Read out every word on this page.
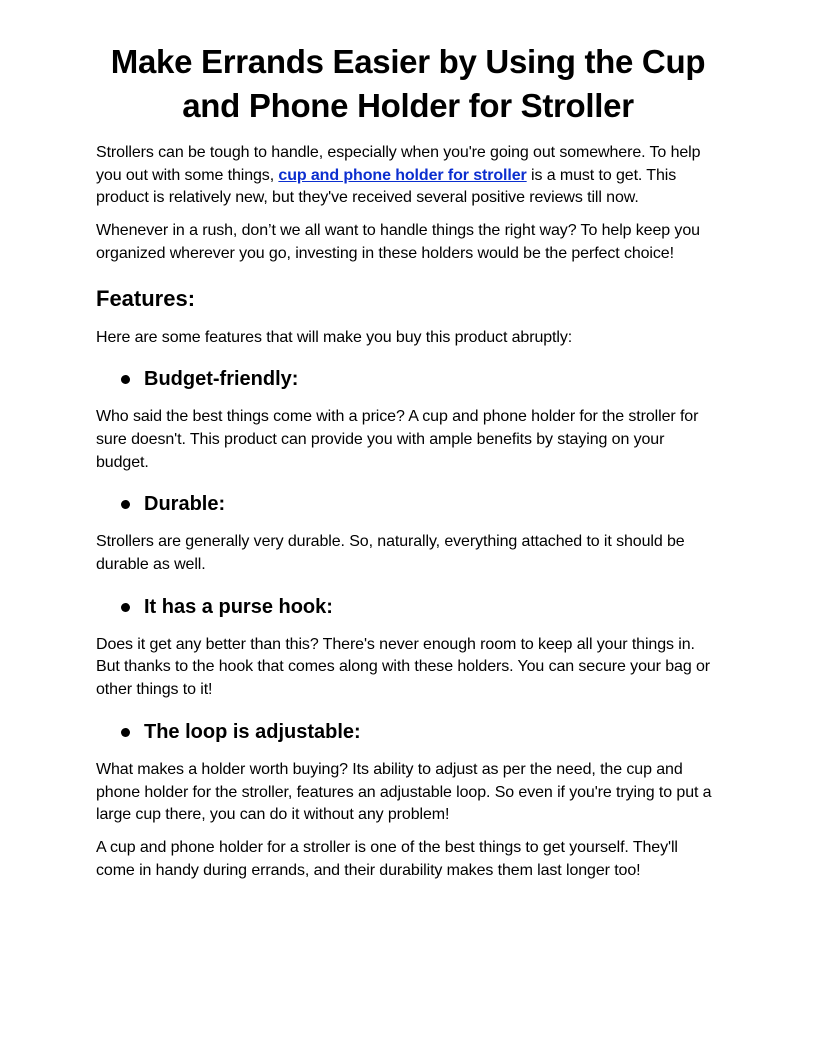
Make Errands Easier by Using the Cup and Phone Holder for Stroller

Strollers can be tough to handle, especially when you're going out somewhere. To help you out with some things, cup and phone holder for stroller is a must to get. This product is relatively new, but they've received several positive reviews till now.

Whenever in a rush, don’t we all want to handle things the right way? To help keep you organized wherever you go, investing in these holders would be the perfect choice!

Features:

Here are some features that will make you buy this product abruptly:

Budget-friendly:

Who said the best things come with a price? A cup and phone holder for the stroller for sure doesn't. This product can provide you with ample benefits by staying on your budget.

Durable:

Strollers are generally very durable. So, naturally, everything attached to it should be durable as well.

It has a purse hook:

Does it get any better than this? There's never enough room to keep all your things in. But thanks to the hook that comes along with these holders. You can secure your bag or other things to it!

The loop is adjustable:

What makes a holder worth buying? Its ability to adjust as per the need, the cup and phone holder for the stroller, features an adjustable loop. So even if you're trying to put a large cup there, you can do it without any problem!

A cup and phone holder for a stroller is one of the best things to get yourself. They'll come in handy during errands, and their durability makes them last longer too!
